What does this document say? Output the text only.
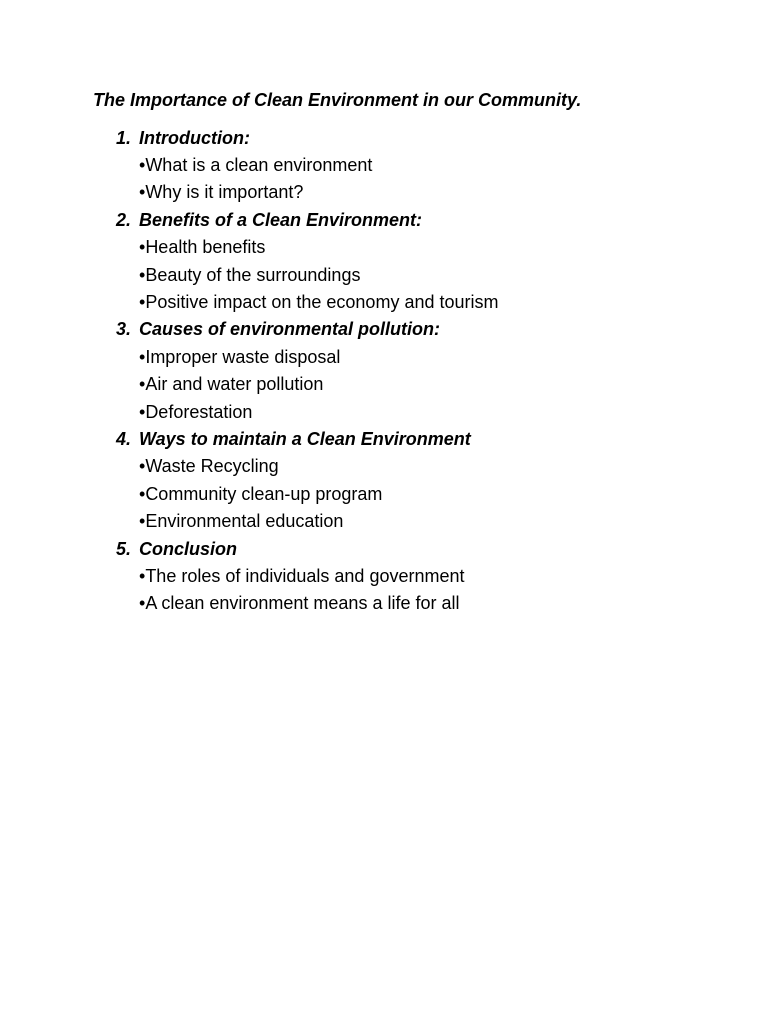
The Importance of Clean Environment in our Community.
1. Introduction:
• What is a clean environment
• Why is it important?
2. Benefits of a Clean Environment:
• Health benefits
• Beauty of the surroundings
• Positive impact on the economy and tourism
3. Causes of environmental pollution:
• Improper waste disposal
• Air and water pollution
• Deforestation
4. Ways to maintain a Clean Environment
• Waste Recycling
• Community clean-up program
• Environmental education
5. Conclusion
• The roles of individuals and government
• A clean environment means a life for all
